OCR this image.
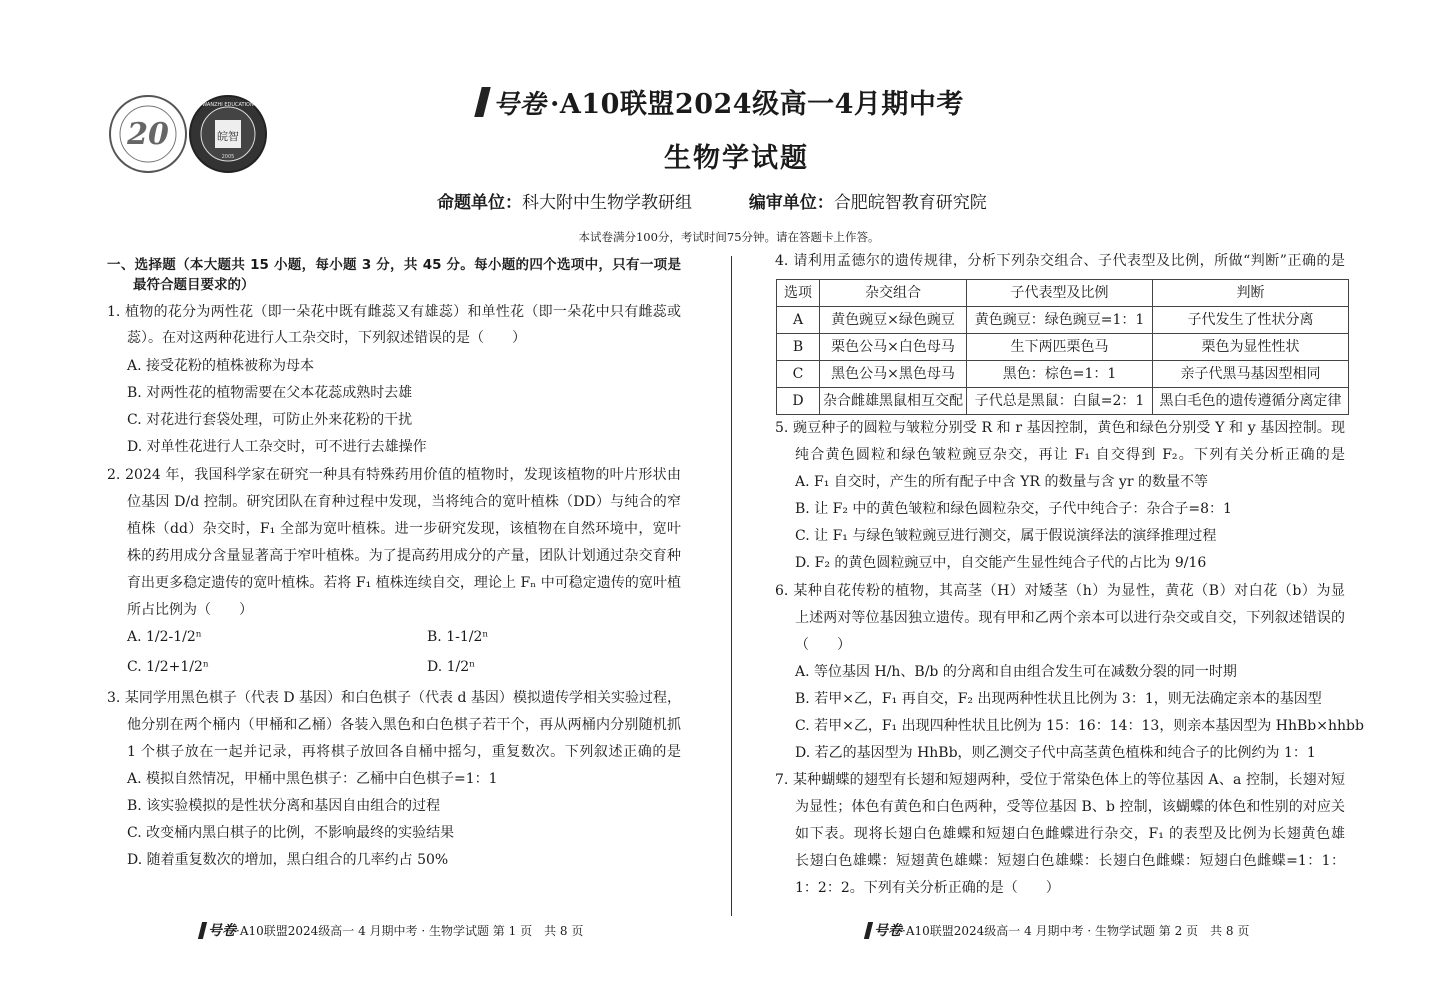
20	皖智
2005
WANZHI EDUCATION	号卷 ·A10联盟2024级高一4月期中考
生物学试题
命题单位：科大附中生物学教研组	编审单位：合肥皖智教育研究院
本试卷满分100分，考试时间75分钟。请在答题卡上作答。
一、选择题（本大题共 15 小题，每小题 3 分，共 45 分。每小题的四个选项中，只有一项是
最符合题目要求的）
1. 植物的花分为两性花（即一朵花中既有雌蕊又有雄蕊）和单性花（即一朵花中只有雌蕊或
蕊）。在对这两种花进行人工杂交时，下列叙述错误的是（　　）
A. 接受花粉的植株被称为母本
B. 对两性花的植物需要在父本花蕊成熟时去雄
C. 对花进行套袋处理，可防止外来花粉的干扰
D. 对单性花进行人工杂交时，可不进行去雄操作
2. 2024 年，我国科学家在研究一种具有特殊药用价值的植物时，发现该植物的叶片形状由
位基因 D/d 控制。研究团队在育种过程中发现，当将纯合的宽叶植株（DD）与纯合的窄
植株（dd）杂交时，F₁ 全部为宽叶植株。进一步研究发现，该植物在自然环境中，宽叶
株的药用成分含量显著高于窄叶植株。为了提高药用成分的产量，团队计划通过杂交育种
育出更多稳定遗传的宽叶植株。若将 F₁ 植株连续自交，理论上 Fₙ 中可稳定遗传的宽叶植
所占比例为（　　）
A. 1/2-1/2ⁿ	B. 1-1/2ⁿ
C. 1/2+1/2ⁿ	D. 1/2ⁿ
3. 某同学用黑色棋子（代表 D 基因）和白色棋子（代表 d 基因）模拟遗传学相关实验过程，
他分别在两个桶内（甲桶和乙桶）各装入黑色和白色棋子若干个，再从两桶内分别随机抓
1 个棋子放在一起并记录，再将棋子放回各自桶中摇匀，重复数次。下列叙述正确的是　　
A. 模拟自然情况，甲桶中黑色棋子：乙桶中白色棋子=1：1
B. 该实验模拟的是性状分离和基因自由组合的过程
C. 改变桶内黑白棋子的比例，不影响最终的实验结果
D. 随着重复数次的增加，黑白组合的几率约占 50%
5. 豌豆种子的圆粒与皱粒分别受 R 和 r 基因控制，黄色和绿色分别受 Y 和 y 基因控制。现
纯合黄色圆粒和绿色皱粒豌豆杂交，再让 F₁ 自交得到 F₂。下列有关分析正确的是　　
A. F₁ 自交时，产生的所有配子中含 YR 的数量与含 yr 的数量不等
B. 让 F₂ 中的黄色皱粒和绿色圆粒杂交，子代中纯合子：杂合子=8：1
C. 让 F₁ 与绿色皱粒豌豆进行测交，属于假说演绎法的演绎推理过程
D. F₂ 的黄色圆粒豌豆中，自交能产生显性纯合子代的占比为 9/16
6. 某种自花传粉的植物，其高茎（H）对矮茎（h）为显性，黄花（B）对白花（b）为显
上述两对等位基因独立遗传。现有甲和乙两个亲本可以进行杂交或自交，下列叙述错误的
（　　）
A. 等位基因 H/h、B/b 的分离和自由组合发生可在减数分裂的同一时期
B. 若甲×乙，F₁ 再自交，F₂ 出现两种性状且比例为 3：1，则无法确定亲本的基因型
C. 若甲×乙，F₁ 出现四种性状且比例为 15：16：14：13，则亲本基因型为 HhBb×hhbb
D. 若乙的基因型为 HhBb，则乙测交子代中高茎黄色植株和纯合子的比例约为 1：1
7. 某种蝴蝶的翅型有长翅和短翅两种，受位于常染色体上的等位基因 A、a 控制，长翅对短
为显性；体色有黄色和白色两种，受等位基因 B、b 控制，该蝴蝶的体色和性别的对应关
如下表。现将长翅白色雄蝶和短翅白色雌蝶进行杂交，F₁ 的表型及比例为长翅黄色雄
长翅白色雄蝶：短翅黄色雄蝶：短翅白色雄蝶：长翅白色雌蝶：短翅白色雌蝶=1：1：
1：2：2。下列有关分析正确的是（　　）
4. 请利用孟德尔的遗传规律，分析下列杂交组合、子代表型及比例，所做“判断”正确的是　　
选项	杂交组合	子代表型及比例	判断
A	黄色豌豆×绿色豌豆	黄色豌豆：绿色豌豆=1：1	子代发生了性状分离
B	栗色公马×白色母马	生下两匹栗色马	栗色为显性性状
C	黑色公马×黑色母马	黑色：棕色=1：1	亲子代黑马基因型相同
D	杂合雌雄黑鼠相互交配	子代总是黑鼠：白鼠=2：1	黑白毛色的遗传遵循分离定律
号卷·A10联盟2024级高一 4 月期中考 · 生物学试题 第 1 页　共 8 页	号卷·A10联盟2024级高一 4 月期中考 · 生物学试题 第 2 页　共 8 页
